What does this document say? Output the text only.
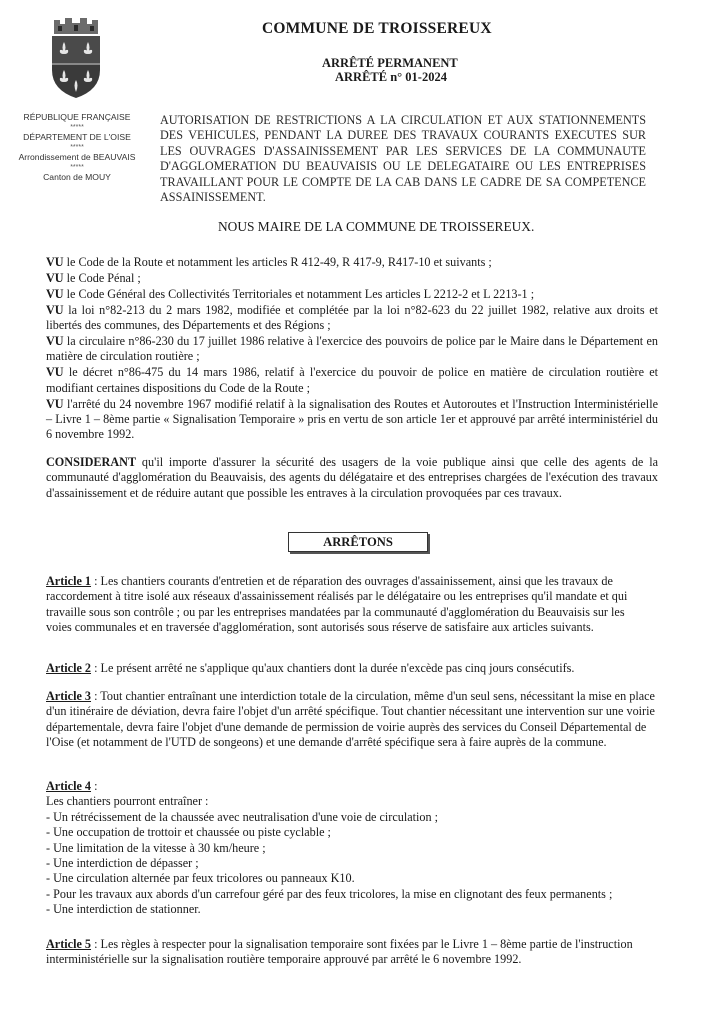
RÉPUBLIQUE FRANÇAISE
*****
DÉPARTEMENT DE L'OISE
*****
Arrondissement de BEAUVAIS
*****
Canton de MOUY
COMMUNE DE TROISSEREUX
ARRÊTÉ PERMANENT
ARRÊTÉ n° 01-2024
AUTORISATION DE RESTRICTIONS A LA CIRCULATION ET AUX STATIONNEMENTS DES VEHICULES, PENDANT LA DUREE DES TRAVAUX COURANTS EXECUTES SUR LES OUVRAGES D'ASSAINISSEMENT PAR LES SERVICES DE LA COMMUNAUTE D'AGGLOMERATION DU BEAUVAISIS OU LE DELEGATAIRE OU LES ENTREPRISES TRAVAILLANT POUR LE COMPTE DE LA CAB DANS LE CADRE DE SA COMPETENCE ASSAINISSEMENT.
NOUS MAIRE DE LA COMMUNE DE TROISSEREUX.

VU le Code de la Route et notamment les articles R 412-49, R 417-9, R417-10 et suivants ;

VU le Code Pénal ;

VU le Code Général des Collectivités Territoriales et notamment Les articles L 2212-2 et L 2213-1 ;

VU la loi n°82-213 du 2 mars 1982, modifiée et complétée par la loi n°82-623 du 22 juillet 1982, relative aux droits et libertés des communes, des Départements et des Régions ;

VU la circulaire n°86-230 du 17 juillet 1986 relative à l'exercice des pouvoirs de police par le Maire dans le Département en matière de circulation routière ;

VU le décret n°86-475 du 14 mars 1986, relatif à l'exercice du pouvoir de police en matière de circulation routière et modifiant certaines dispositions du Code de la Route ;

VU l'arrêté du 24 novembre 1967 modifié relatif à la signalisation des Routes et Autoroutes et l'Instruction Interministérielle – Livre 1 – 8ème partie « Signalisation Temporaire » pris en vertu de son article 1er et approuvé par arrêté interministériel du 6 novembre 1992.

CONSIDERANT qu'il importe d'assurer la sécurité des usagers de la voie publique ainsi que celle des agents de la communauté d'agglomération du Beauvaisis, des agents du délégataire et des entreprises chargées de l'exécution des travaux d'assainissement et de réduire autant que possible les entraves à la circulation provoquées par ces travaux.

ARRÊTONS

Article 1 : Les chantiers courants d'entretien et de réparation des ouvrages d'assainissement, ainsi que les travaux de raccordement à titre isolé aux réseaux d'assainissement réalisés par le délégataire ou les entreprises qu'il mandate et qui travaille sous son contrôle ; ou par les entreprises mandatées par la communauté d'agglomération du Beauvaisis sur les voies communales et en traversée d'agglomération, sont autorisés sous réserve de satisfaire aux articles suivants.

Article 2 : Le présent arrêté ne s'applique qu'aux chantiers dont la durée n'excède pas cinq jours consécutifs.

Article 3 : Tout chantier entraînant une interdiction totale de la circulation, même d'un seul sens, nécessitant la mise en place d'un itinéraire de déviation, devra faire l'objet d'un arrêté spécifique. Tout chantier nécessitant une intervention sur une voirie départementale, devra faire l'objet d'une demande de permission de voirie auprès des services du Conseil Départemental de l'Oise (et notamment de l'UTD de songeons) et une demande d'arrêté spécifique sera à faire auprès de la commune.

Article 4 :
Les chantiers pourront entraîner :
- Un rétrécissement de la chaussée avec neutralisation d'une voie de circulation ;
- Une occupation de trottoir et chaussée ou piste cyclable ;
- Une limitation de la vitesse à 30 km/heure ;
- Une interdiction de dépasser ;
- Une circulation alternée par feux tricolores ou panneaux K10.
- Pour les travaux aux abords d'un carrefour géré par des feux tricolores, la mise en clignotant des feux permanents ;
- Une interdiction de stationner.

Article 5 : Les règles à respecter pour la signalisation temporaire sont fixées par le Livre 1 – 8ème partie de l'instruction interministérielle sur la signalisation routière temporaire approuvé par arrêté le 6 novembre 1992.
